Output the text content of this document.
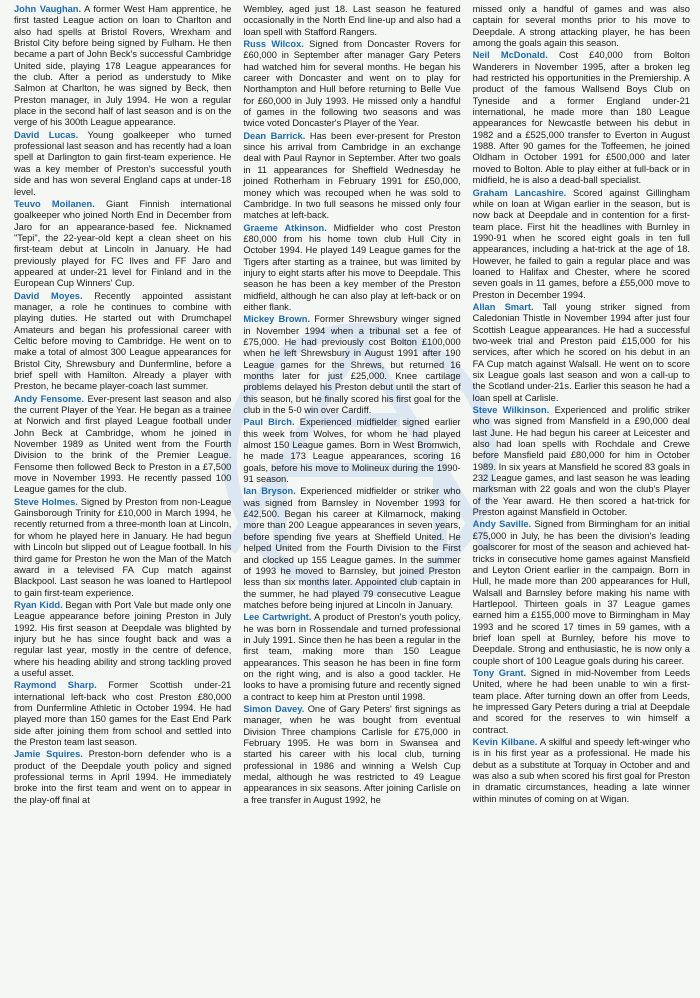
John Vaughan. A former West Ham apprentice, he first tasted League action on loan to Charlton and also had spells at Bristol Rovers, Wrexham and Bristol City before being signed by Fulham. He then became a part of John Beck's successful Cambridge United side, playing 178 League appearances for the club. After a period as understudy to Mike Salmon at Charlton, he was signed by Beck, then Preston manager, in July 1994. He won a regular place in the second half of last season and is on the verge of his 300th League appearance.

David Lucas. Young goalkeeper who turned professional last season and has recently had a loan spell at Darlington to gain first-team experience. He was a key member of Preston's successful youth side and has won several England caps at under-18 level.

Teuvo Moilanen. Giant Finnish international goalkeeper who joined North End in December from Jaro for an appearance-based fee. Nicknamed "Tepi", the 22-year-old kept a clean sheet on his first-team debut at Lincoln in January. He had previously played for FC Ilves and FF Jaro and appeared at under-21 level for Finland and in the European Cup Winners' Cup.

David Moyes. Recently appointed assistant manager, a role he continues to combine with playing duties. He started out with Drumchapel Amateurs and began his professional career with Celtic before moving to Cambridge. He went on to make a total of almost 300 League appearances for Bristol City, Shrewsbury and Dunfermline, before a brief spell with Hamilton. Already a player with Preston, he became player-coach last summer.

Andy Fensome. Ever-present last season and also the current Player of the Year. He began as a trainee at Norwich and first played League football under John Beck at Cambridge, whom he joined in November 1989 as United went from the Fourth Division to the brink of the Premier League. Fensome then followed Beck to Preston in a £7,500 move in November 1993. He recently passed 100 League games for the club.

Steve Holmes. Signed by Preston from non-League Gainsborough Trinity for £10,000 in March 1994, he recently returned from a three-month loan at Lincoln, for whom he played here in January. He had begun with Lincoln but slipped out of League football. In his third game for Preston he won the Man of the Match award in a televised FA Cup match against Blackpool. Last season he was loaned to Hartlepool to gain first-team experience.

Ryan Kidd. Began with Port Vale but made only one League appearance before joining Preston in July 1992. His first season at Deepdale was blighted by injury but he has since fought back and was a regular last year, mostly in the centre of defence, where his heading ability and strong tackling proved a useful asset.

Raymond Sharp. Former Scottish under-21 international left-back who cost Preston £80,000 from Dunfermline Athletic in October 1994. He had played more than 150 games for the East End Park side after joining them from school and settled into the Preston team last season.

Jamie Squires. Preston-born defender who is a product of the Deepdale youth policy and signed professional terms in April 1994. He immediately broke into the first team and went on to appear in the play-off final at

Wembley, aged just 18. Last season he featured occasionally in the North End line-up and also had a loan spell with Stafford Rangers.

Russ Wilcox. Signed from Doncaster Rovers for £60,000 in September after manager Gary Peters had watched him for several months. He began his career with Doncaster and went on to play for Northampton and Hull before returning to Belle Vue for £60,000 in July 1993. He missed only a handful of games in the following two seasons and was twice voted Doncaster's Player of the Year.

Dean Barrick. Has been ever-present for Preston since his arrival from Cambridge in an exchange deal with Paul Raynor in September. After two goals in 11 appearances for Sheffield Wednesday he joined Rotherham in February 1991 for £50,000, money which was recouped when he was sold to Cambridge. In two full seasons he missed only four matches at left-back.

Graeme Atkinson. Midfielder who cost Preston £80,000 from his home town club Hull City in October 1994. He played 149 League games for the Tigers after starting as a trainee, but was limited by injury to eight starts after his move to Deepdale. This season he has been a key member of the Preston midfield, although he can also play at left-back or on either flank.

Mickey Brown. Former Shrewsbury winger signed in November 1994 when a tribunal set a fee of £75,000. He had previously cost Bolton £100,000 when he left Shrewsbury in August 1991 after 190 League games for the Shrews, but returned 16 months later for just £25,000. Knee cartilage problems delayed his Preston debut until the start of this season, but he finally scored his first goal for the club in the 5-0 win over Cardiff.

Paul Birch. Experienced midfielder signed earlier this week from Wolves, for whom he had played almost 150 League games. Born in West Bromwich, he made 173 League appearances, scoring 16 goals, before his move to Molineux during the 1990-91 season.

Ian Bryson. Experienced midfielder or striker who was signed from Barnsley in November 1993 for £42,500. Began his career at Kilmarnock, making more than 200 League appearances in seven years, before spending five years at Sheffield United. He helped United from the Fourth Division to the First and clocked up 155 League games. In the summer of 1993 he moved to Barnsley, but joined Preston less than six months later. Appointed club captain in the summer, he had played 79 consecutive League matches before being injured at Lincoln in January.

Lee Cartwright. A product of Preston's youth policy, he was born in Rossendale and turned professional in July 1991. Since then he has been a regular in the first team, making more than 150 League appearances. This season he has been in fine form on the right wing, and is also a good tackler. He looks to have a promising future and recently signed a contract to keep him at Preston until 1998.

Simon Davey. One of Gary Peters' first signings as manager, when he was bought from eventual Division Three champions Carlisle for £75,000 in February 1995. He was born in Swansea and started his career with his local club, turning professional in 1986 and winning a Welsh Cup medal, although he was restricted to 49 League appearances in six seasons. After joining Carlisle on a free transfer in August 1992, he

missed only a handful of games and was also captain for several months prior to his move to Deepdale. A strong attacking player, he has been among the goals again this season.

Neil McDonald. Cost £40,000 from Bolton Wanderers in November 1995, after a broken leg had restricted his opportunities in the Premiership. A product of the famous Wallsend Boys Club on Tyneside and a former England under-21 international, he made more than 180 League appearances for Newcastle between his debut in 1982 and a £525,000 transfer to Everton in August 1988. After 90 games for the Toffeemen, he joined Oldham in October 1991 for £500,000 and later moved to Bolton. Able to play either at full-back or in midfield, he is also a dead-ball specialist.

Graham Lancashire. Scored against Gillingham while on loan at Wigan earlier in the season, but is now back at Deepdale and in contention for a first-team place. First hit the headlines with Burnley in 1990-91 when he scored eight goals in ten full appearances, including a hat-trick at the age of 18. However, he failed to gain a regular place and was loaned to Halifax and Chester, where he scored seven goals in 11 games, before a £55,000 move to Preston in December 1994.

Allan Smart. Tall young striker signed from Caledonian Thistle in November 1994 after just four Scottish League appearances. He had a successful two-week trial and Preston paid £15,000 for his services, after which he scored on his debut in an FA Cup match against Walsall. He went on to score six League goals last season and won a call-up to the Scotland under-21s. Earlier this season he had a loan spell at Carlisle.

Steve Wilkinson. Experienced and prolific striker who was signed from Mansfield in a £90,000 deal last June. He had begun his career at Leicester and also had loan spells with Rochdale and Crewe before Mansfield paid £80,000 for him in October 1989. In six years at Mansfield he scored 83 goals in 232 League games, and last season he was leading marksman with 22 goals and won the club's Player of the Year award. He then scored a hat-trick for Preston against Mansfield in October.

Andy Saville. Signed from Birmingham for an initial £75,000 in July, he has been the division's leading goalscorer for most of the season and achieved hat-tricks in consecutive home games against Mansfield and Leyton Orient earlier in the campaign. Born in Hull, he made more than 200 appearances for Hull, Walsall and Barnsley before making his name with Hartlepool. Thirteen goals in 37 League games earned him a £155,000 move to Birmingham in May 1993 and he scored 17 times in 59 games, with a brief loan spell at Burnley, before his move to Deepdale. Strong and enthusiastic, he is now only a couple short of 100 League goals during his career.

Tony Grant. Signed in mid-November from Leeds United, where he had been unable to win a first-team place. After turning down an offer from Leeds, he impressed Gary Peters during a trial at Deepdale and scored for the reserves to win himself a contract.

Kevin Kilbane. A skilful and speedy left-winger who is in his first year as a professional. He made his debut as a substitute at Torquay in October and and was also a sub when scored his first goal for Preston in dramatic circumstances, heading a late winner within minutes of coming on at Wigan.
